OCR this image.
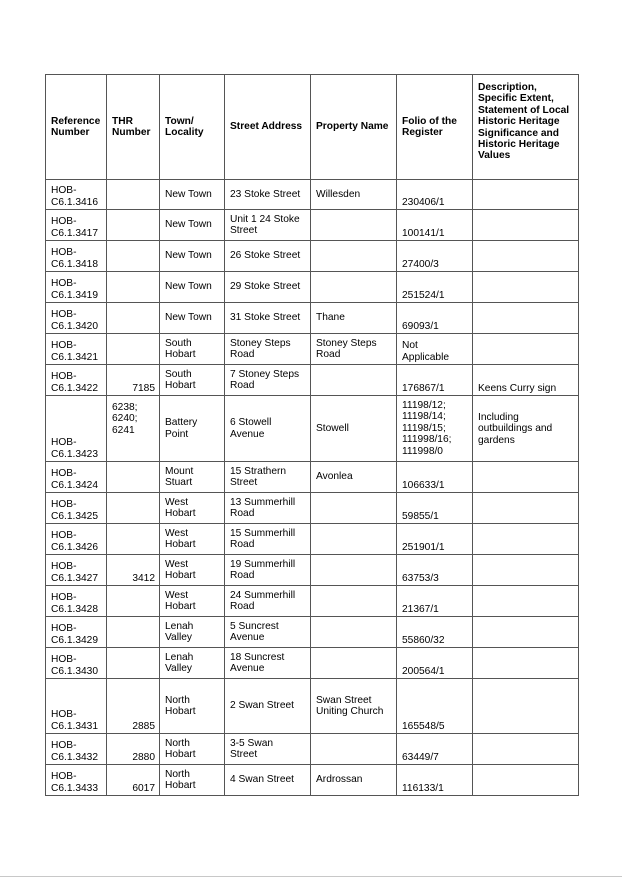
Reference Number	THR Number	Town/ Locality	Street Address	Property Name	Folio of the Register	Description, Specific Extent, Statement of Local Historic Heritage Significance and Historic Heritage Values
HOB-
C6.1.3416		New Town	23 Stoke Street	Willesden	230406/1	
HOB-
C6.1.3417		New Town	Unit 1 24 Stoke Street		100141/1	
HOB-
C6.1.3418		New Town	26 Stoke Street		27400/3	
HOB-
C6.1.3419		New Town	29 Stoke Street		251524/1	
HOB-
C6.1.3420		New Town	31 Stoke Street	Thane	69093/1	
HOB-
C6.1.3421		South
Hobart	Stoney Steps
Road	Stoney Steps
Road	Not
Applicable	
HOB-
C6.1.3422	7185	South
Hobart	7 Stoney Steps
Road		176867/1	Keens Curry sign
HOB-
C6.1.3423	6238;
6240;
6241	Battery
Point	6 Stowell
Avenue	Stowell	11198/12;
11198/14;
11198/15;
111998/16;
111998/0	Including
outbuildings and
gardens
HOB-
C6.1.3424		Mount
Stuart	15 Strathern
Street	Avonlea	106633/1	
HOB-
C6.1.3425		West
Hobart	13 Summerhill
Road		59855/1	
HOB-
C6.1.3426		West
Hobart	15 Summerhill
Road		251901/1	
HOB-
C6.1.3427	3412	West
Hobart	19 Summerhill
Road		63753/3	
HOB-
C6.1.3428		West
Hobart	24 Summerhill
Road		21367/1	
HOB-
C6.1.3429		Lenah
Valley	5 Suncrest
Avenue		55860/32	
HOB-
C6.1.3430		Lenah
Valley	18 Suncrest
Avenue		200564/1	
HOB-
C6.1.3431	2885	North
Hobart	2 Swan Street	Swan Street
Uniting Church	165548/5	
HOB-
C6.1.3432	2880	North
Hobart	3-5 Swan
Street		63449/7	
HOB-
C6.1.3433	6017	North
Hobart	4 Swan Street	Ardrossan	116133/1	
